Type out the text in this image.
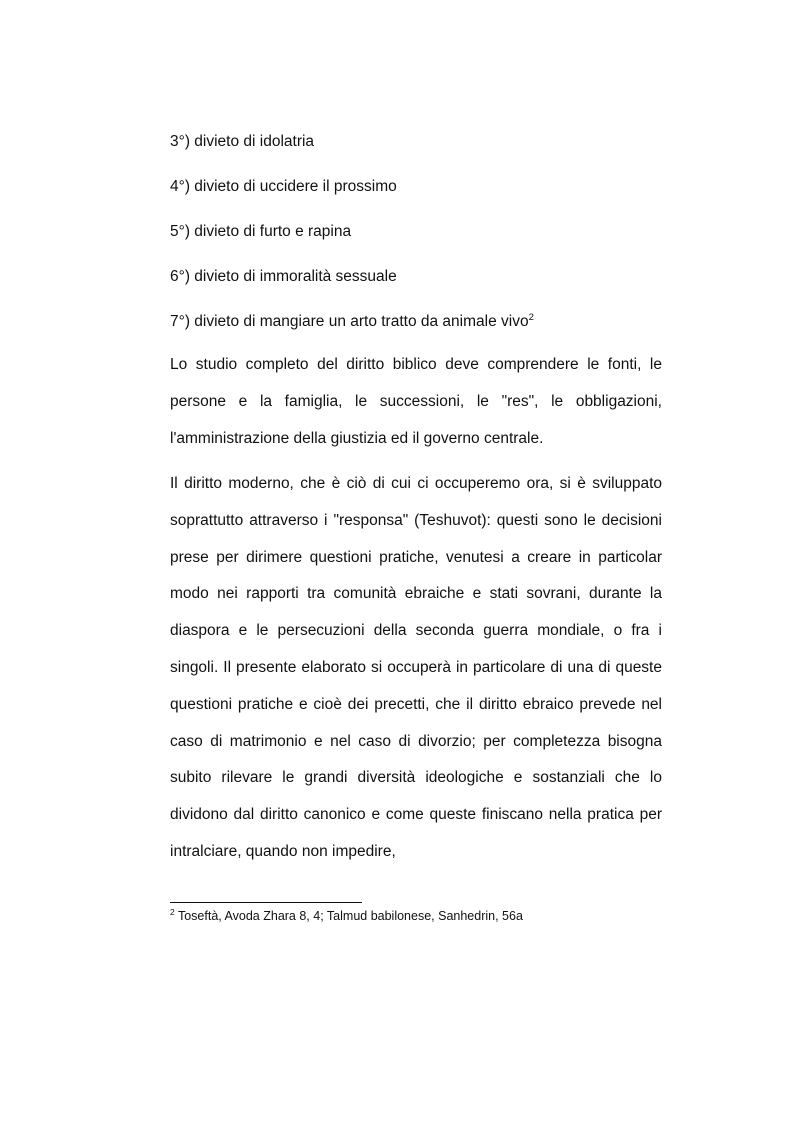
3°) divieto di idolatria
4°) divieto di uccidere il prossimo
5°) divieto di furto e rapina
6°) divieto di immoralità sessuale
7°) divieto di mangiare un arto tratto da animale vivo$^2$

Lo studio completo del diritto biblico deve comprendere le fonti, le persone e la famiglia, le successioni, le "res", le obbligazioni, l'amministrazione della giustizia ed il governo centrale.

Il diritto moderno, che è ciò di cui ci occuperemo ora, si è sviluppato soprattutto attraverso i "responsa" (Teshuvot): questi sono le decisioni prese per dirimere questioni pratiche, venutesi a creare in particolar modo nei rapporti tra comunità ebraiche e stati sovrani, durante la diaspora e le persecuzioni della seconda guerra mondiale, o fra i singoli. Il presente elaborato si occuperà in particolare di una di queste questioni pratiche e cioè dei precetti, che il diritto ebraico prevede nel caso di matrimonio e nel caso di divorzio; per completezza bisogna subito rilevare le grandi diversità ideologiche e sostanziali che lo dividono dal diritto canonico e come queste finiscano nella pratica per intralciare, quando non impedire,

$^2$ Toseftà, Avoda Zhara 8, 4; Talmud babilonese, Sanhedrin, 56a
